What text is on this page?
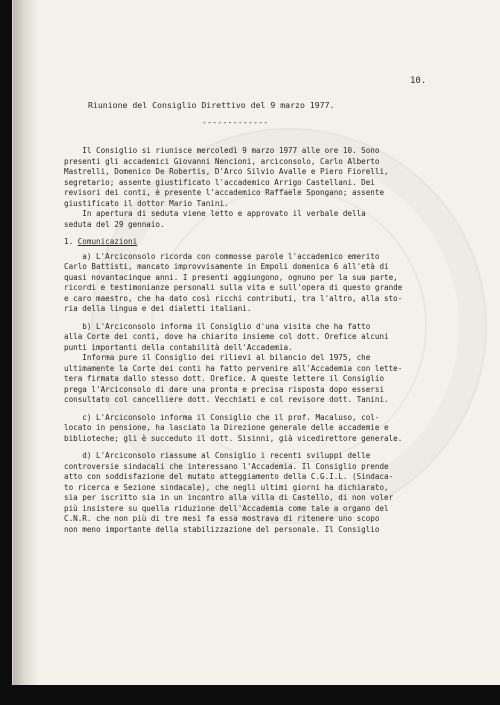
10.
Riunione del Consiglio Direttivo del 9 marzo 1977.
-------------
Il Consiglio si riunisce mercoledì 9 marzo 1977 alle ore 10. Sono
presenti gli accademici Giovanni Nencioni, arciconsolo, Carlo Alberto
Mastrelli, Domenico De Robertis, D'Arco Silvio Avalle e Piero Fiorelli,
segretario; assente giustificato l'accademico Arrigo Castellani. Dei
revisori dei conti, è presente l'accademico Raffaele Spongano; assente
giustificato il dottor Mario Tanini.
In apertura di seduta viene letto e approvato il verbale della
seduta del 29 gennaio.
1. Comunicazioni
a) L'Arciconsolo ricorda con commosse parole l'accademico emerito
Carlo Battisti, mancato improvvisamente in Empoli domenica 6 all'età di
quasi novantacinque anni. I presenti aggiungono, ognuno per la sua parte,
ricordi e testimonianze personali sulla vita e sull'opera di questo grande
e caro maestro, che ha dato così ricchi contributi, tra l'altro, alla sto-
ria della lingua e dei dialetti italiani.
b) L'Arciconsolo informa il Consiglio d'una visita che ha fatto
alla Corte dei conti, dove ha chiarito insieme col dott. Orefice alcuni
punti importanti della contabilità dell'Accademia.
Informa pure il Consiglio dei rilievi al bilancio del 1975, che
ultimamente la Corte dei conti ha fatto pervenire all'Accademia con lette-
tera firmata dallo stesso dott. Orefice. A queste lettere il Consiglio
prega l'Arciconsolo di dare una pronta e precisa risposta dopo essersi
consultato col cancelliere dott. Vecchiati e col revisore dott. Tanini.
c) L'Arciconsolo informa il Consiglio che il prof. Macaluso, col-
locato in pensione, ha lasciato la Direzione generale delle accademie e
biblioteche; gli è succeduto il dott. Sisinni, già vicedirettore generale.
d) L'Arciconsolo riassume al Consiglio i recenti sviluppi delle
controversie sindacali che interessano l'Accademia. Il Consiglio prende
atto con soddisfazione del mutato atteggiamento della C.G.I.L. (Sindaca-
to ricerca e Sezione sindacale), che negli ultimi giorni ha dichiarato,
sia per iscritto sia in un incontro alla villa di Castello, di non voler
più insistere su quella riduzione dell'Accademia come tale a organo del
C.N.R. che non più di tre mesi fa essa mostrava di ritenere uno scopo
non meno importante della stabilizzazione del personale. Il Consiglio
